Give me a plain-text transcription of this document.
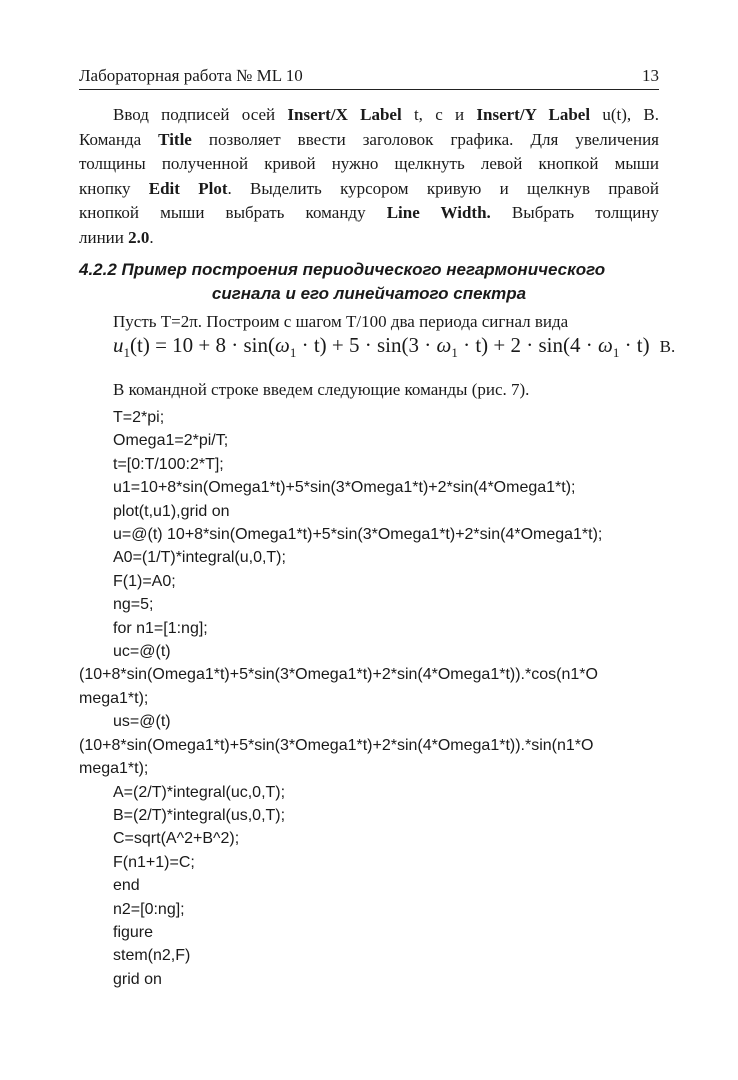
Лабораторная работа № ML 10	13
Ввод подписей осей Insert/X Label t, с и Insert/Y Label u(t), В.
Команда Title позволяет ввести заголовок графика. Для увеличения
толщины полученной кривой нужно щелкнуть левой кнопкой мыши
кнопку Edit Plot. Выделить курсором кривую и щелкнув правой
кнопкой мыши выбрать команду Line Width. Выбрать толщину
линии 2.0.
4.2.2 Пример построения периодического негармонического
сигнала и его линейчатого спектра
Пусть Т=2π. Построим с шагом T/100 два периода сигнал вида
$u_1(t) = 10 + 8 \cdot \sin(\omega_1 \cdot t) + 5 \cdot \sin(3 \cdot \omega_1 \cdot t) + 2 \cdot \sin(4 \cdot \omega_1 \cdot t)$ В.
В командной строке введем следующие команды (рис. 7).
T=2*pi;
Omega1=2*pi/T;
t=[0:T/100:2*T];
u1=10+8*sin(Omega1*t)+5*sin(3*Omega1*t)+2*sin(4*Omega1*t);
plot(t,u1),grid on
u=@(t) 10+8*sin(Omega1*t)+5*sin(3*Omega1*t)+2*sin(4*Omega1*t);
A0=(1/T)*integral(u,0,T);
F(1)=A0;
ng=5;
for n1=[1:ng];
uc=@(t)
(10+8*sin(Omega1*t)+5*sin(3*Omega1*t)+2*sin(4*Omega1*t)).*cos(n1*O
mega1*t);
us=@(t)
(10+8*sin(Omega1*t)+5*sin(3*Omega1*t)+2*sin(4*Omega1*t)).*sin(n1*O
mega1*t);
A=(2/T)*integral(uc,0,T);
B=(2/T)*integral(us,0,T);
C=sqrt(A^2+B^2);
F(n1+1)=C;
end
n2=[0:ng];
figure
stem(n2,F)
grid on
